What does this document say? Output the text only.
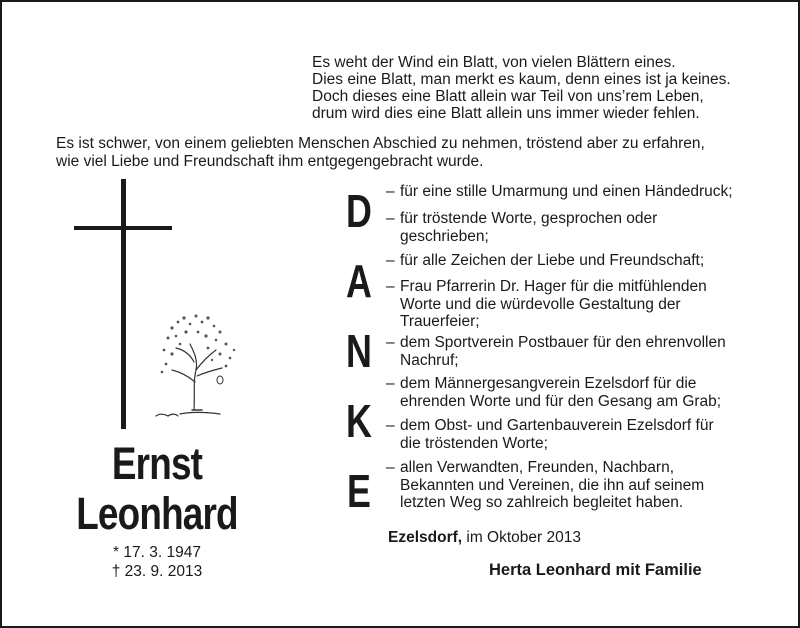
Es weht der Wind ein Blatt, von vielen Blättern eines.
Dies eine Blatt, man merkt es kaum, denn eines ist ja keines.
Doch dieses eine Blatt allein war Teil von uns’rem Leben,
drum wird dies eine Blatt allein uns immer wieder fehlen.
Es ist schwer, von einem geliebten Menschen Abschied zu nehmen, tröstend aber zu erfahren,
wie viel Liebe und Freundschaft ihm entgegengebracht wurde.
Ernst
Leonhard
* 17. 3. 1947
† 23. 9. 2013
D
A
N
K
E
– für eine stille Umarmung und einen Händedruck;
– für tröstende Worte, gesprochen oder
geschrieben;
– für alle Zeichen der Liebe und Freundschaft;
– Frau Pfarrerin Dr. Hager für die mitfühlenden
Worte und die würdevolle Gestaltung der
Trauerfeier;
– dem Sportverein Postbauer für den ehrenvollen
Nachruf;
– dem Männergesangverein Ezelsdorf für die
ehrenden Worte und für den Gesang am Grab;
– dem Obst- und Gartenbauverein Ezelsdorf für
die tröstenden Worte;
– allen Verwandten, Freunden, Nachbarn,
Bekannten und Vereinen, die ihn auf seinem
letzten Weg so zahlreich begleitet haben.
Ezelsdorf, im Oktober 2013
Herta Leonhard mit Familie
